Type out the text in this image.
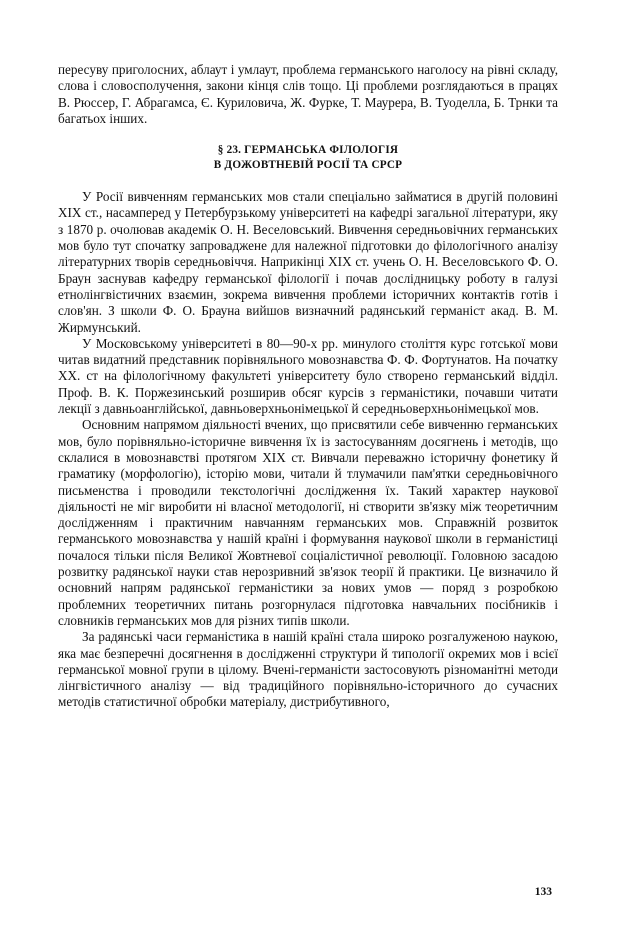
пересуву приголосних, аблаут і умлаут, проблема германського наголосу на рівні складу, слова і словосполучення, закони кінця слів тощо. Ці проблеми розглядаються в працях В. Рюссер, Г. Абрагамса, Є. Куриловича, Ж. Фурке, Т. Маурера, В. Туоделла, Б. Трнки та багатьох інших.

§ 23. ГЕРМАНСЬКА ФІЛОЛОГІЯ
В ДОЖОВТНЕВІЙ РОСІЇ ТА СРСР

У Росії вивченням германських мов стали спеціально займатися в другій половині XIX ст., насамперед у Петербурзькому університеті на кафедрі загальної літератури, яку з 1870 р. очолював академік О. Н. Веселовський. Вивчення середньовічних германських мов було тут спочатку запроваджене для належної підготовки до філологічного аналізу літературних творів середньовіччя. Наприкінці XIX ст. учень О. Н. Веселовського Ф. О. Браун заснував кафедру германської філології і почав дослідницьку роботу в галузі етнолінгвістичних взаємин, зокрема вивчення проблеми історичних контактів готів і слов'ян. З школи Ф. О. Брауна вийшов визначний радянський германіст акад. В. М. Жирмунський.

У Московському університеті в 80—90-х рр. минулого століття курс готської мови читав видатний представник порівняльного мовознавства Ф. Ф. Фортунатов. На початку XX. ст на філологічному факультеті університету було створено германський відділ. Проф. В. К. Поржезинський розширив обсяг курсів з германістики, почавши читати лекції з давньоанглійської, давньоверхньонімецької й середньоверхньонімецької мов.

Основним напрямом діяльності вчених, що присвятили себе вивченню германських мов, було порівняльно-історичне вивчення їх із застосуванням досягнень і методів, що склалися в мовознавстві протягом XIX ст. Вивчали переважно історичну фонетику й граматику (морфологію), історію мови, читали й тлумачили пам'ятки середньовічного письменства і проводили текстологічні дослідження їх. Такий характер наукової діяльності не міг виробити ні власної методології, ні створити зв'язку між теоретичним дослідженням і практичним навчанням германських мов. Справжній розвиток германського мовознавства у нашій країні і формування наукової школи в германістиці почалося тільки після Великої Жовтневої соціалістичної революції. Головною засадою розвитку радянської науки став нерозривний зв'язок теорії й практики. Це визначило й основний напрям радянської германістики за нових умов — поряд з розробкою проблемних теоретичних питань розгорнулася підготовка навчальних посібників і словників германських мов для різних типів школи.

За радянські часи германістика в нашій країні стала широко розгалуженою наукою, яка має безперечні досягнення в дослідженні структури й типології окремих мов і всієї германської мовної групи в цілому. Вчені-германісти застосовують різноманітні методи лінгвістичного аналізу — від традиційного порівняльно-історичного до сучасних методів статистичної обробки матеріалу, дистрибутивного,

133
